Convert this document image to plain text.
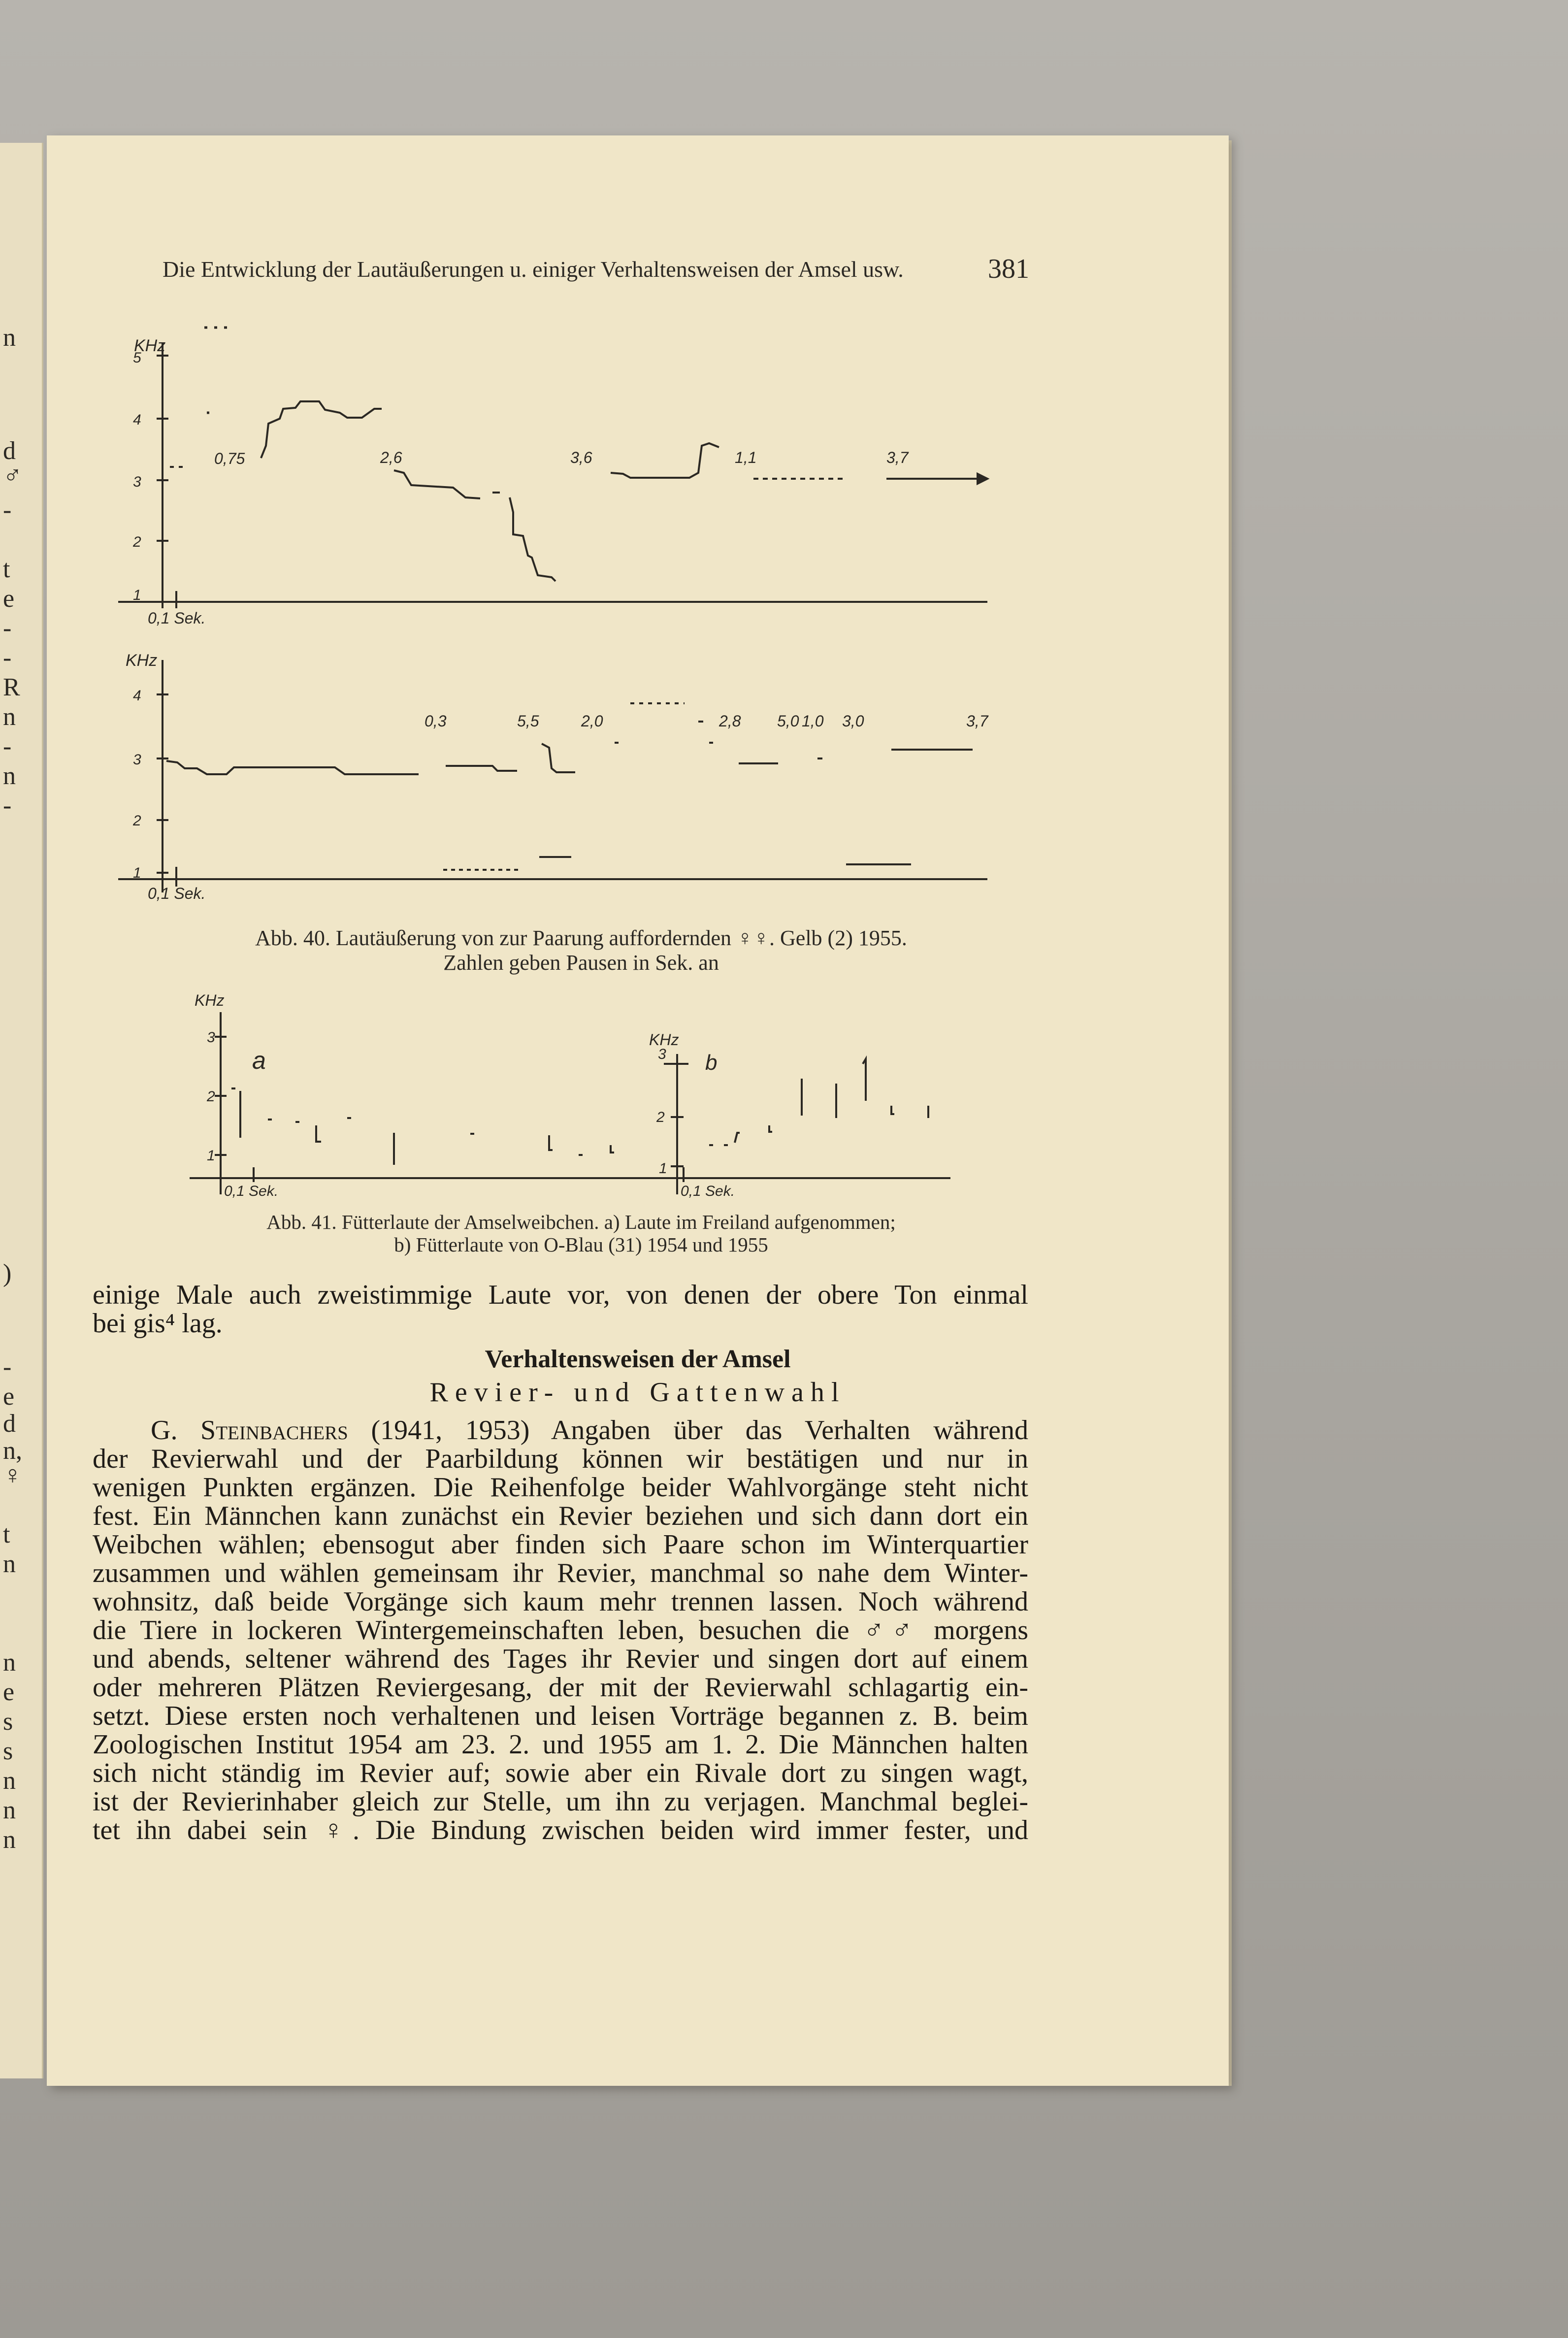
n
d
♂
-
t
e
-
-
R
n
-
n
-
)
-
e
d
n,
♀
t
n
n
e
s
s
n
n
n
Die Entwicklung der Lautäußerungen u. einiger Verhaltensweisen der Amsel usw.	381
KHz
5
4
3
2
1
0,1 Sek.
0,75	2,6	3,6	1,1	3,7
KHz
4
3
2
1
0,1 Sek.
0,3	5,5	2,0	2,8 5,0 1,0 3,0	3,7
Abb. 40. Lautäußerung von zur Paarung auffordernden ♀♀. Gelb (2) 1955.
Zahlen geben Pausen in Sek. an
KHz
3
2
1
a
0,1 Sek.
KHz
3
2
1
b
0,1 Sek.
Abb. 41. Fütterlaute der Amselweibchen. a) Laute im Freiland aufgenommen;
b) Fütterlaute von O-Blau (31) 1954 und 1955
einige Male auch zweistimmige Laute vor, von denen der obere Ton einmal
bei gis⁴ lag.
Verhaltensweisen der Amsel
Revier- und Gattenwahl
G. Steinbachers (1941, 1953) Angaben über das Verhalten während
der Revierwahl und der Paarbildung können wir bestätigen und nur in
wenigen Punkten ergänzen. Die Reihenfolge beider Wahlvorgänge steht nicht
fest. Ein Männchen kann zunächst ein Revier beziehen und sich dann dort ein
Weibchen wählen; ebensogut aber finden sich Paare schon im Winterquartier
zusammen und wählen gemeinsam ihr Revier, manchmal so nahe dem Winter-
wohnsitz, daß beide Vorgänge sich kaum mehr trennen lassen. Noch während
die Tiere in lockeren Wintergemeinschaften leben, besuchen die ♂♂ morgens
und abends, seltener während des Tages ihr Revier und singen dort auf einem
oder mehreren Plätzen Reviergesang, der mit der Revierwahl schlagartig ein-
setzt. Diese ersten noch verhaltenen und leisen Vorträge begannen z. B. beim
Zoologischen Institut 1954 am 23. 2. und 1955 am 1. 2. Die Männchen halten
sich nicht ständig im Revier auf; sowie aber ein Rivale dort zu singen wagt,
ist der Revierinhaber gleich zur Stelle, um ihn zu verjagen. Manchmal beglei-
tet ihn dabei sein ♀. Die Bindung zwischen beiden wird immer fester, und
